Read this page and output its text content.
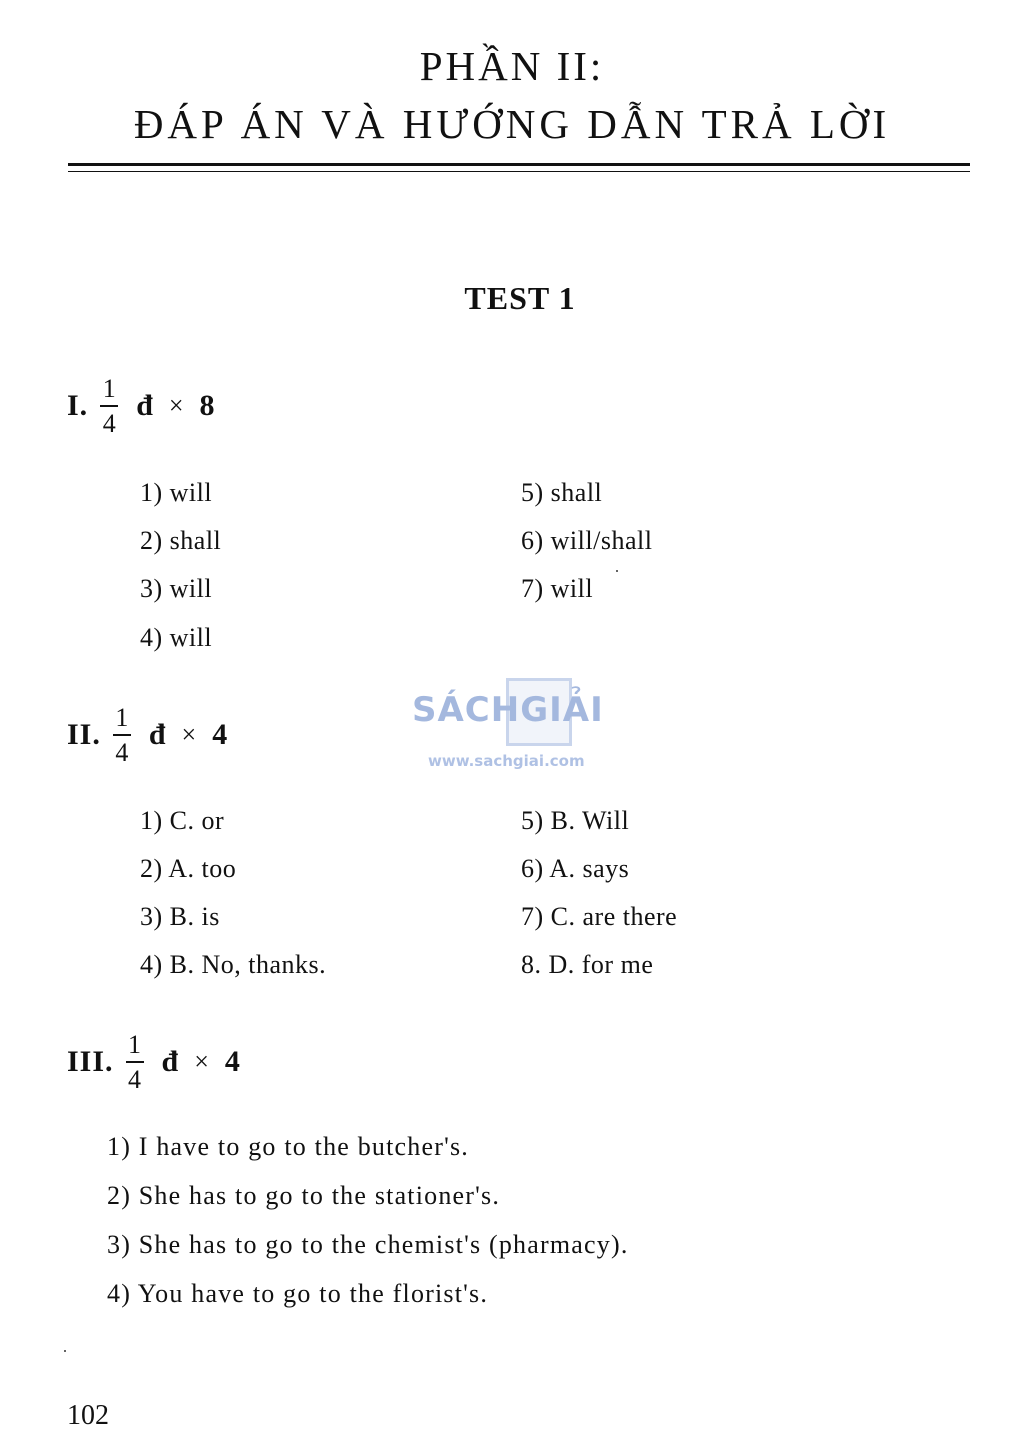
PHẦN II:
ĐÁP ÁN VÀ HƯỚNG DẪN TRẢ LỜI
TEST 1
I. $\frac{1}{4}$ đ × 8
1) will
2) shall
3) will
4) will
5) shall
6) will/shall
7) will
SÁCHGIẢI
www.sachgiai.com
II. $\frac{1}{4}$ đ × 4
1) C. or
2) A. too
3) B. is
4) B. No, thanks.
5) B. Will
6) A. says
7) C. are there
8. D. for me
III. $\frac{1}{4}$ đ × 4
1) I have to go to the butcher's.
2) She has to go to the stationer's.
3) She has to go to the chemist's (pharmacy).
4) You have to go to the florist's.
102
